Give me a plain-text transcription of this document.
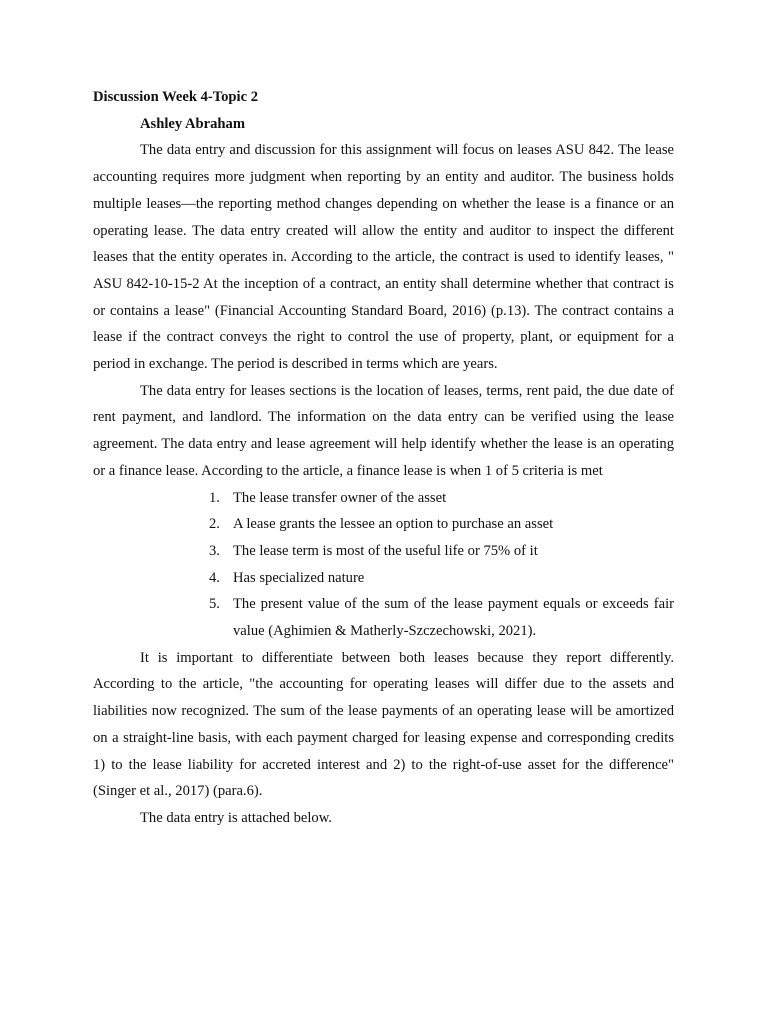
Discussion Week 4-Topic 2

Ashley Abraham

The data entry and discussion for this assignment will focus on leases ASU 842. The lease accounting requires more judgment when reporting by an entity and auditor. The business holds multiple leases—the reporting method changes depending on whether the lease is a finance or an operating lease. The data entry created will allow the entity and auditor to inspect the different leases that the entity operates in. According to the article, the contract is used to identify leases, " ASU 842-10-15-2 At the inception of a contract, an entity shall determine whether that contract is or contains a lease" (Financial Accounting Standard Board, 2016) (p.13). The contract contains a lease if the contract conveys the right to control the use of property, plant, or equipment for a period in exchange. The period is described in terms which are years.

The data entry for leases sections is the location of leases, terms, rent paid, the due date of rent payment, and landlord. The information on the data entry can be verified using the lease agreement. The data entry and lease agreement will help identify whether the lease is an operating or a finance lease. According to the article, a finance lease is when 1 of 5 criteria is met

1. The lease transfer owner of the asset
2. A lease grants the lessee an option to purchase an asset
3. The lease term is most of the useful life or 75% of it
4. Has specialized nature
5. The present value of the sum of the lease payment equals or exceeds fair value (Aghimien & Matherly-Szczechowski, 2021).

It is important to differentiate between both leases because they report differently. According to the article, "the accounting for operating leases will differ due to the assets and liabilities now recognized. The sum of the lease payments of an operating lease will be amortized on a straight-line basis, with each payment charged for leasing expense and corresponding credits 1) to the lease liability for accreted interest and 2) to the right-of-use asset for the difference" (Singer et al., 2017) (para.6).

The data entry is attached below.
